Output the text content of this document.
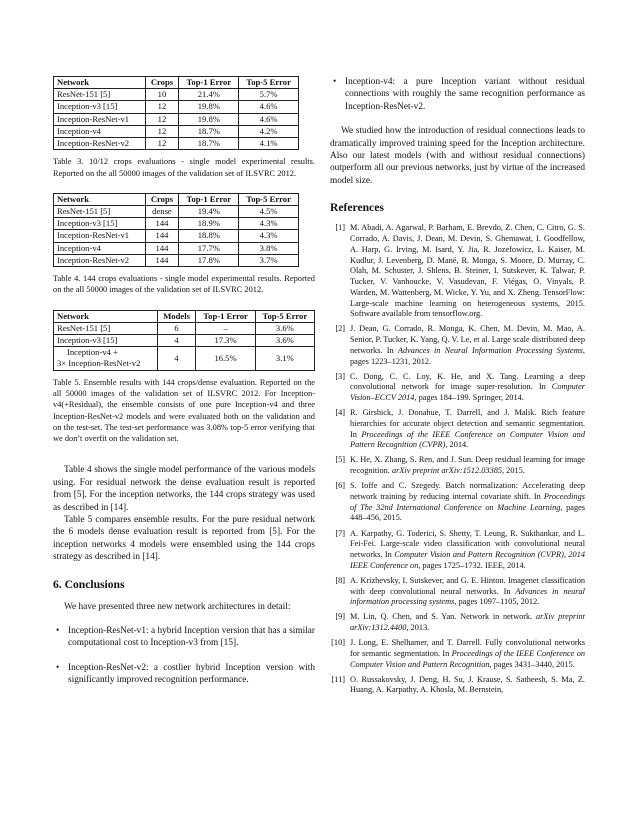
Network	Crops	Top-1 Error	Top-5 Error
ResNet-151 [5]	10	21.4%	5.7%
Inception-v3 [15]	12	19.8%	4.6%
Inception-ResNet-v1	12	19.8%	4.6%
Inception-v4	12	18.7%	4.2%
Inception-ResNet-v2	12	18.7%	4.1%

Table 3. 10/12 crops evaluations - single model experimental results. Reported on the all 50000 images of the validation set of ILSVRC 2012.

Network	Crops	Top-1 Error	Top-5 Error
ResNet-151 [5]	dense	19.4%	4.5%
Inception-v3 [15]	144	18.9%	4.3%
Inception-ResNet-v1	144	18.8%	4.3%
Inception-v4	144	17.7%	3.8%
Inception-ResNet-v2	144	17.8%	3.7%

Table 4. 144 crops evaluations - single model experimental results. Reported on the all 50000 images of the validation set of ILSVRC 2012.

Network	Models	Top-1 Error	Top-5 Error
ResNet-151 [5]	6	–	3.6%
Inception-v3 [15]	4	17.3%	3.6%

Inception-v4 +
3× Inception-ResNet-v2	4	16.5%	3.1%

Table 5. Ensemble results with 144 crops/dense evaluation. Reported on the all 50000 images of the validation set of ILSVRC 2012. For Inception-v4(+Residual), the ensemble consists of one pure Inception-v4 and three Inception-ResNet-v2 models and were evaluated both on the validation and on the test-set. The test-set performance was 3.08% top-5 error verifying that we don’t overfit on the validation set.

Table 4 shows the single model performance of the various models using. For residual network the dense evaluation result is reported from [5]. For the inception networks, the 144 crops strategy was used as described in [14].

Table 5 compares ensemble results. For the pure residual network the 6 models dense evaluation result is reported from [5]. For the inception networks 4 models were ensembled using the 144 crops strategy as described in [14].

6. Conclusions

We have presented three new network architectures in detail:

• Inception-ResNet-v1: a hybrid Inception version that has a similar computational cost to Inception-v3 from [15].
• Inception-ResNet-v2: a costlier hybrid Inception version with significantly improved recognition performance.
• Inception-v4: a pure Inception variant without residual connections with roughly the same recognition performance as Inception-ResNet-v2.

We studied how the introduction of residual connections leads to dramatically improved training speed for the Inception architecture. Also our latest models (with and without residual connections) outperform all our previous networks, just by virtue of the increased model size.

References
[1] M. Abadi, A. Agarwal, P. Barham, E. Brevdo, Z. Chen, C. Citro, G. S. Corrado, A. Davis, J. Dean, M. Devin, S. Ghemawat, I. Goodfellow, A. Harp, G. Irving, M. Isard, Y. Jia, R. Jozefowicz, L. Kaiser, M. Kudlur, J. Levenberg, D. Mané, R. Monga, S. Moore, D. Murray, C. Olah, M. Schuster, J. Shlens, B. Steiner, I. Sutskever, K. Talwar, P. Tucker, V. Vanhoucke, V. Vasudevan, F. Viégas, O. Vinyals, P. Warden, M. Wattenberg, M. Wicke, Y. Yu, and X. Zheng. TensorFlow: Large-scale machine learning on heterogeneous systems, 2015. Software available from tensorflow.org.
[2] J. Dean, G. Corrado, R. Monga, K. Chen, M. Devin, M. Mao, A. Senior, P. Tucker, K. Yang, Q. V. Le, et al. Large scale distributed deep networks. In Advances in Neural Information Processing Systems, pages 1223–1231, 2012.
[3] C. Dong, C. C. Loy, K. He, and X. Tang. Learning a deep convolutional network for image super-resolution. In Computer Vision–ECCV 2014, pages 184–199. Springer, 2014.
[4] R. Girshick, J. Donahue, T. Darrell, and J. Malik. Rich feature hierarchies for accurate object detection and semantic segmentation. In Proceedings of the IEEE Conference on Computer Vision and Pattern Recognition (CVPR), 2014.
[5] K. He, X. Zhang, S. Ren, and J. Sun. Deep residual learning for image recognition. arXiv preprint arXiv:1512.03385, 2015.
[6] S. Ioffe and C. Szegedy. Batch normalization: Accelerating deep network training by reducing internal covariate shift. In Proceedings of The 32nd International Conference on Machine Learning, pages 448–456, 2015.
[7] A. Karpathy, G. Toderici, S. Shetty, T. Leung, R. Sukthankar, and L. Fei-Fei. Large-scale video classification with convolutional neural networks. In Computer Vision and Pattern Recognition (CVPR), 2014 IEEE Conference on, pages 1725–1732. IEEE, 2014.
[8] A. Krizhevsky, I. Sutskever, and G. E. Hinton. Imagenet classification with deep convolutional neural networks. In Advances in neural information processing systems, pages 1097–1105, 2012.
[9] M. Lin, Q. Chen, and S. Yan. Network in network. arXiv preprint arXiv:1312.4400, 2013.
[10] J. Long, E. Shelhamer, and T. Darrell. Fully convolutional networks for semantic segmentation. In Proceedings of the IEEE Conference on Computer Vision and Pattern Recognition, pages 3431–3440, 2015.
[11] O. Russakovsky, J. Deng, H. Su, J. Krause, S. Satheesh, S. Ma, Z. Huang, A. Karpathy, A. Khosla, M. Bernstein,
